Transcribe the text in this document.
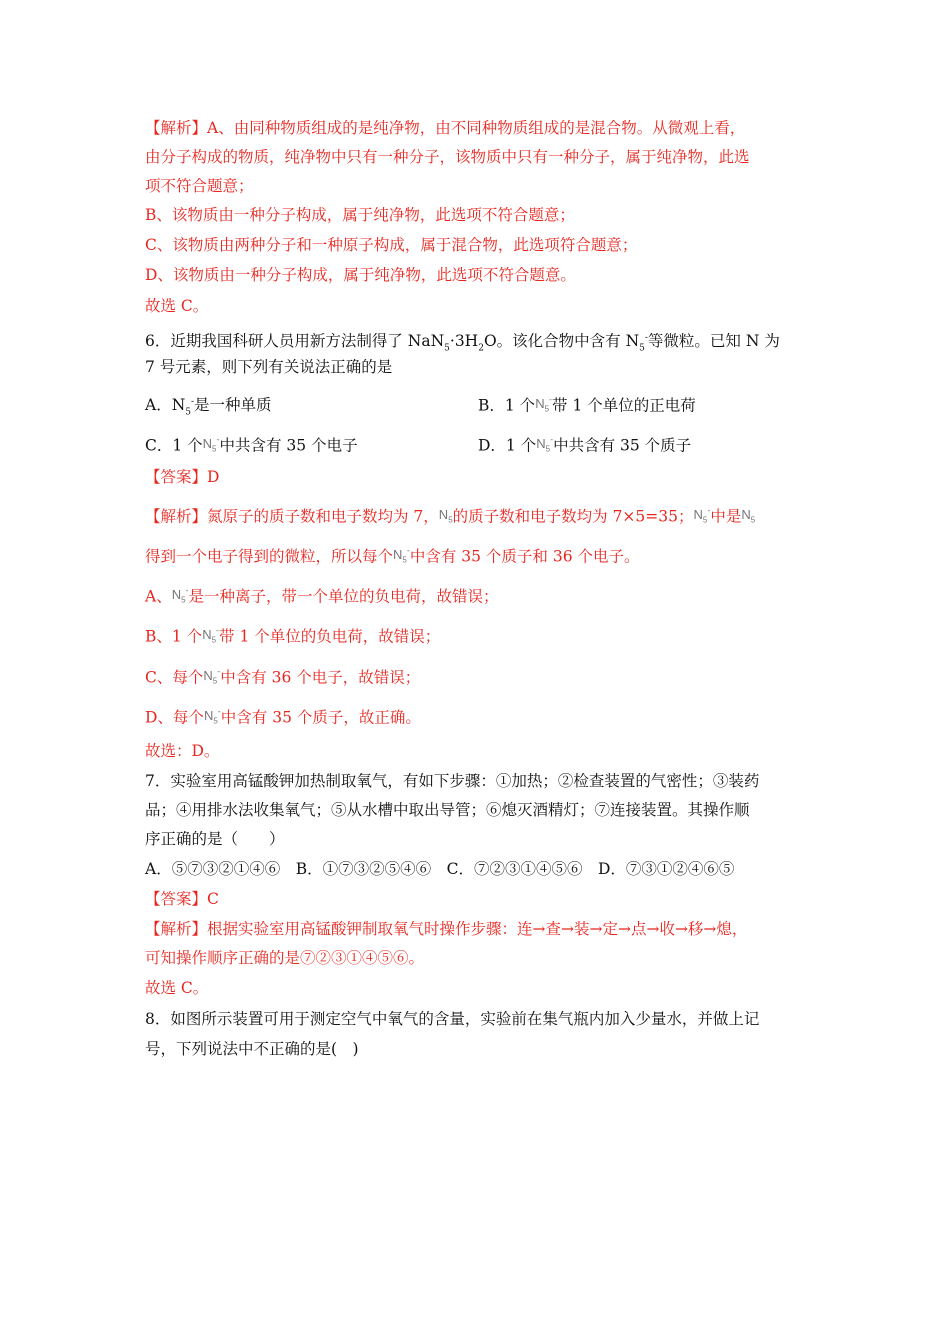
【解析】A、由同种物质组成的是纯净物，由不同种物质组成的是混合物。从微观上看，
由分子构成的物质，纯净物中只有一种分子，该物质中只有一种分子，属于纯净物，此选
项不符合题意；
B、该物质由一种分子构成，属于纯净物，此选项不符合题意；
C、该物质由两种分子和一种原子构成，属于混合物，此选项符合题意；
D、该物质由一种分子构成，属于纯净物，此选项不符合题意。
故选 C。
6．近期我国科研人员用新方法制得了 $NaN_5\cdot 3H_2O$。该化合物中含有 $N_5^-$等微粒。已知 N 为
7 号元素，则下列有关说法正确的是
A．$N_5^-$是一种单质	B．1 个$N_5^-$带 1 个单位的正电荷
C．1 个$N_5^-$中共含有 35 个电子	D．1 个$N_5^-$中共含有 35 个质子
【答案】D
【解析】氮原子的质子数和电子数均为 7，$N_5$的质子数和电子数均为 7×5=35；$N_5^-$中是$N_5$
得到一个电子得到的微粒，所以每个$N_5^-$中含有 35 个质子和 36 个电子。
A、$N_5^-$是一种离子，带一个单位的负电荷，故错误；
B、1 个$N_5^-$带 1 个单位的负电荷，故错误；
C、每个$N_5^-$中含有 36 个电子，故错误；
D、每个$N_5^-$中含有 35 个质子，故正确。
故选：D。
7．实验室用高锰酸钾加热制取氧气，有如下步骤：①加热；②检查装置的气密性；③装药
品；④用排水法收集氧气；⑤从水槽中取出导管；⑥熄灭酒精灯；⑦连接装置。其操作顺
序正确的是（　　）
A．⑤⑦③②①④⑥　B．①⑦③②⑤④⑥　C．⑦②③①④⑤⑥　D．⑦③①②④⑥⑤
【答案】C
【解析】根据实验室用高锰酸钾制取氧气时操作步骤：连→查→装→定→点→收→移→熄，
可知操作顺序正确的是⑦②③①④⑤⑥。
故选 C。
8．如图所示装置可用于测定空气中氧气的含量，实验前在集气瓶内加入少量水，并做上记
号，下列说法中不正确的是(　)
